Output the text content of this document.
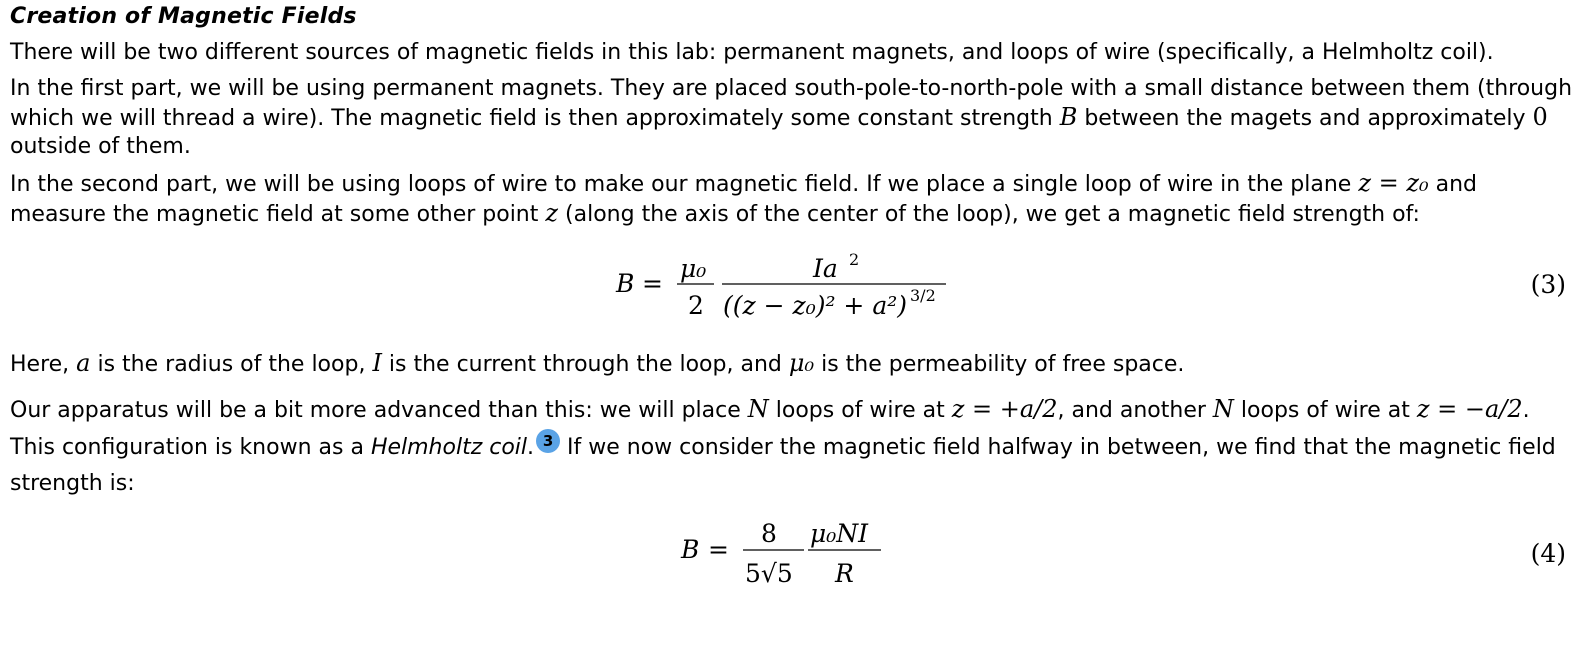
Creation of Magnetic Fields

There will be two different sources of magnetic fields in this lab: permanent magnets, and loops of wire (specifically, a Helmholtz coil).

In the first part, we will be using permanent magnets. They are placed south-pole-to-north-pole with a small distance between them (through which we will thread a wire). The magnetic field is then approximately some constant strength B between the magets and approximately 0 outside of them.

In the second part, we will be using loops of wire to make our magnetic field. If we place a single loop of wire in the plane z = z₀ and measure the magnetic field at some other point z (along the axis of the center of the loop), we get a magnetic field strength of:

B =
μ₀
2
Ia 2
((z − z₀)² + a²) 3/2	(3)

Here, a is the radius of the loop, I is the current through the loop, and μ₀ is the permeability of free space.

Our apparatus will be a bit more advanced than this: we will place N loops of wire at z = +a/2, and another N loops of wire at z = −a/2. This configuration is known as a Helmholtz coil. 3 If we now consider the magnetic field halfway in between, we find that the magnetic field strength is:

B =
8
5√5
μ₀NI
R
(4)
